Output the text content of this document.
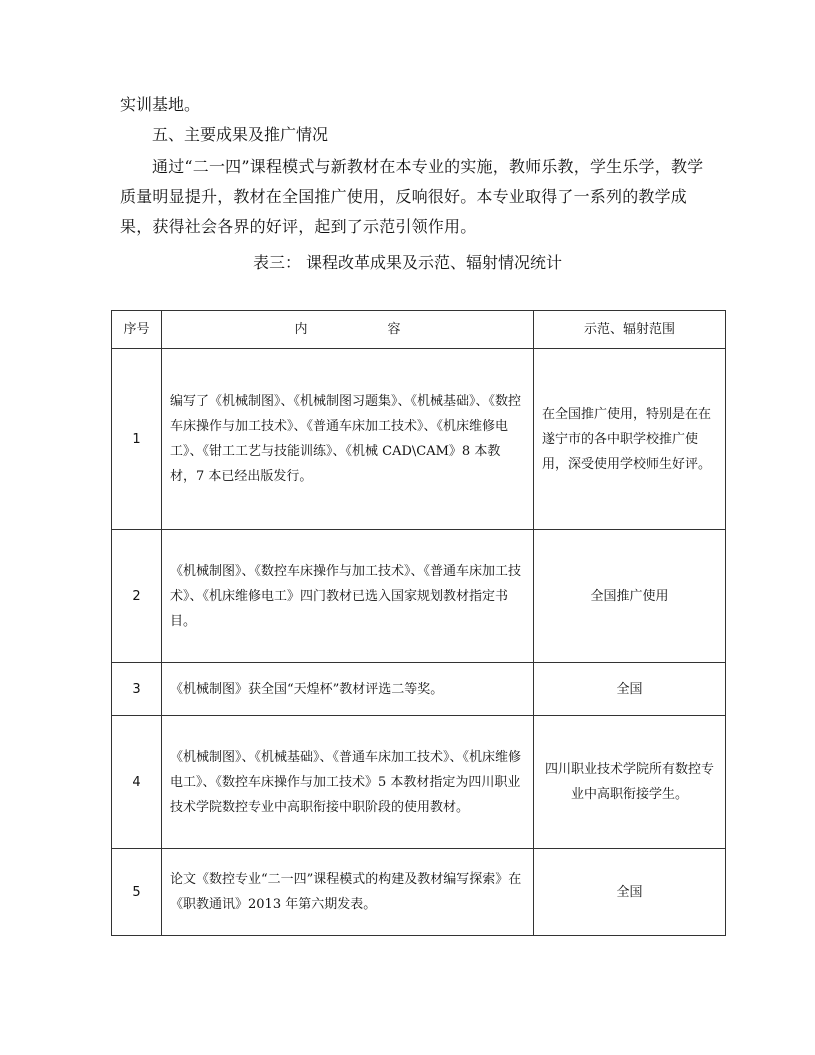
实训基地。

五、主要成果及推广情况

通过“二一四”课程模式与新教材在本专业的实施，教师乐教，学生乐学，教学质量明显提升，教材在全国推广使用，反响很好。本专业取得了一系列的教学成果，获得社会各界的好评，起到了示范引领作用。

表三： 课程改革成果及示范、辐射情况统计

序号	内 容	示范、辐射范围
1	编写了《机械制图》、《机械制图习题集》、《机械基础》、《数控车床操作与加工技术》、《普通车床加工技术》、《机床维修电工》、《钳工工艺与技能训练》、《机械 CAD\CAM》8 本教材，7 本已经出版发行。	在全国推广使用，特别是在在遂宁市的各中职学校推广使用，深受使用学校师生好评。
2	《机械制图》、《数控车床操作与加工技术》、《普通车床加工技术》、《机床维修电工》四门教材已选入国家规划教材指定书目。	全国推广使用
3	《机械制图》获全国“天煌杯”教材评选二等奖。	全国
4	《机械制图》、《机械基础》、《普通车床加工技术》、《机床维修电工》、《数控车床操作与加工技术》5 本教材指定为四川职业技术学院数控专业中高职衔接中职阶段的使用教材。	四川职业技术学院所有数控专业中高职衔接学生。
5	论文《数控专业“二一四”课程模式的构建及教材编写探索》在《职教通讯》2013 年第六期发表。	全国
